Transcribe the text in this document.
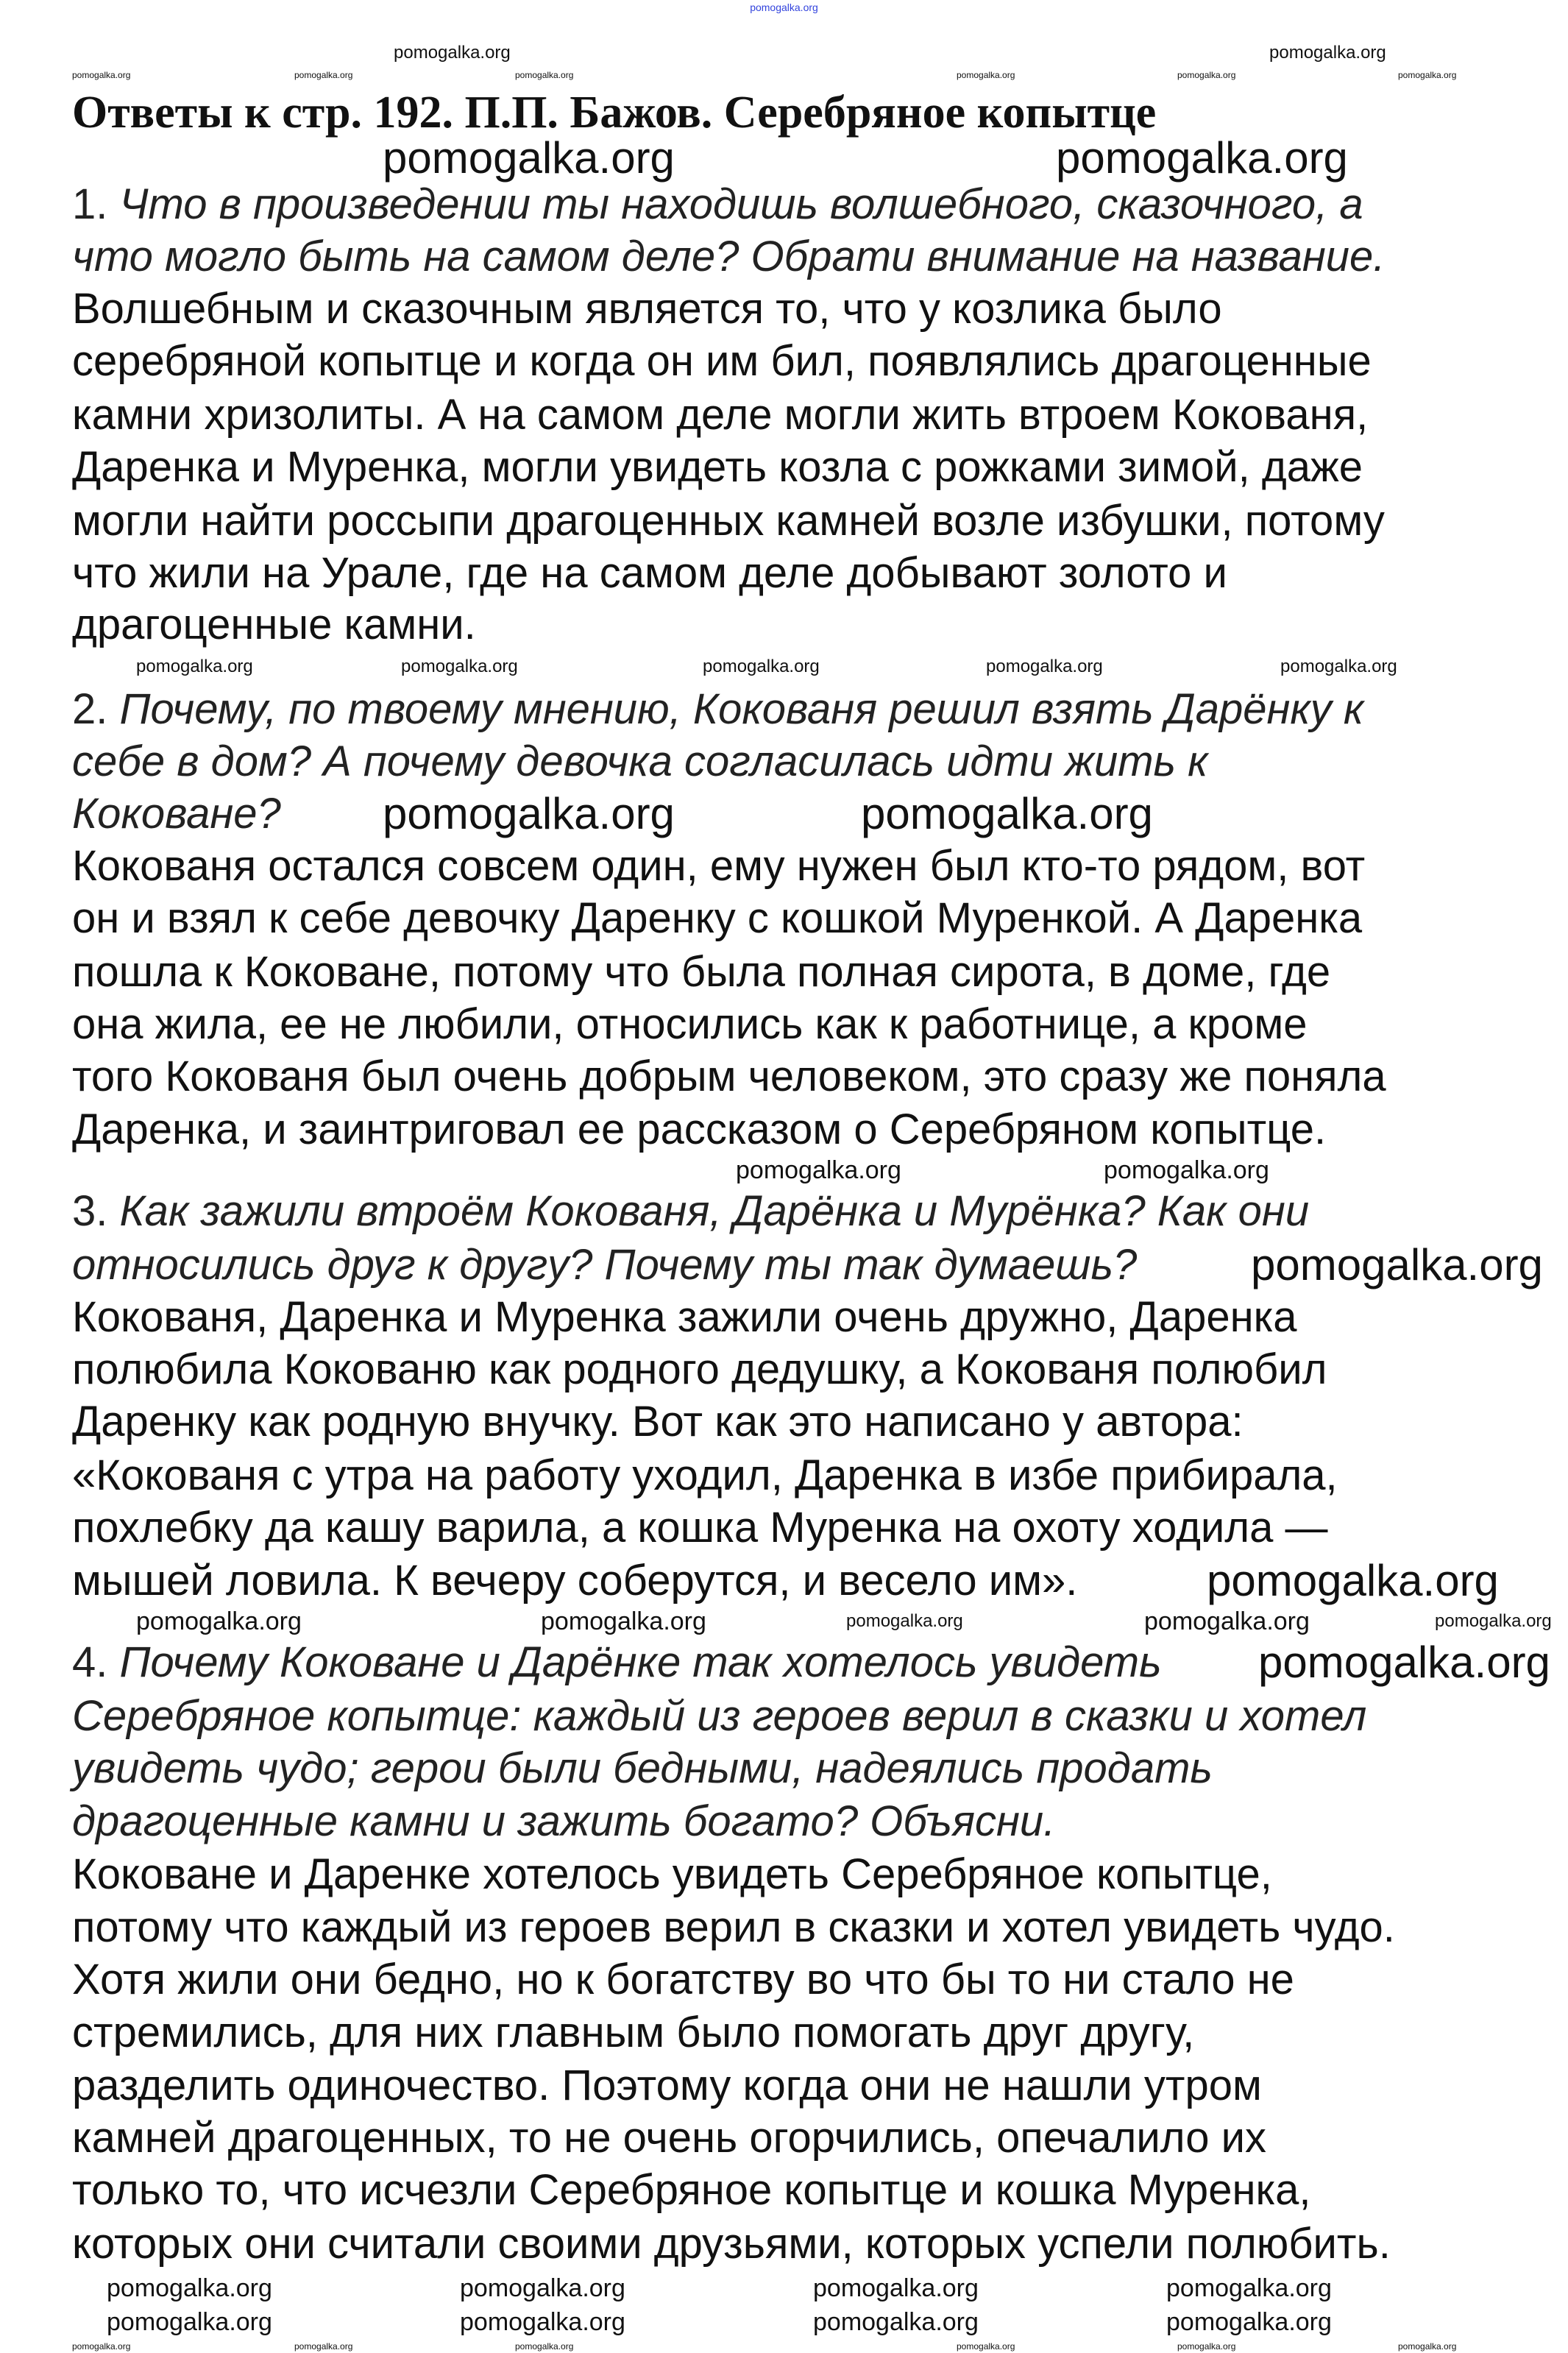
pomogalka.org
Ответы к стр. 192. П.П. Бажов. Серебряное копытце
1. Что в произведении ты находишь волшебного, сказочного, а
что могло быть на самом деле? Обрати внимание на название.
Волшебным и сказочным является то, что у козлика было
серебряной копытце и когда он им бил, появлялись драгоценные
камни хризолиты. А на самом деле могли жить втроем Кокованя,
Даренка и Муренка, могли увидеть козла с рожками зимой, даже
могли найти россыпи драгоценных камней возле избушки, потому
что жили на Урале, где на самом деле добывают золото и
драгоценные камни.
2. Почему, по твоему мнению, Кокованя решил взять Дарёнку к
себе в дом? А почему девочка согласилась идти жить к
Коковане?
Кокованя остался совсем один, ему нужен был кто-то рядом, вот
он и взял к себе девочку Даренку с кошкой Муренкой. А Даренка
пошла к Коковане, потому что была полная сирота, в доме, где
она жила, ее не любили, относились как к работнице, а кроме
того Кокованя был очень добрым человеком, это сразу же поняла
Даренка, и заинтриговал ее рассказом о Серебряном копытце.
3. Как зажили втроём Кокованя, Дарёнка и Мурёнка? Как они
относились друг к другу? Почему ты так думаешь?
Кокованя, Даренка и Муренка зажили очень дружно, Даренка
полюбила Кокованю как родного дедушку, а Кокованя полюбил
Даренку как родную внучку. Вот как это написано у автора:
«Кокованя с утра на работу уходил, Даренка в избе прибирала,
похлебку да кашу варила, а кошка Муренка на охоту ходила —
мышей ловила. К вечеру соберутся, и весело им».
4. Почему Коковане и Дарёнке так хотелось увидеть
Серебряное копытце: каждый из героев верил в сказки и хотел
увидеть чудо; герои были бедными, надеялись продать
драгоценные камни и зажить богато? Объясни.
Коковане и Даренке хотелось увидеть Серебряное копытце,
потому что каждый из героев верил в сказки и хотел увидеть чудо.
Хотя жили они бедно, но к богатству во что бы то ни стало не
стремились, для них главным было помогать друг другу,
разделить одиночество. Поэтому когда они не нашли утром
камней драгоценных, то не очень огорчились, опечалило их
только то, что исчезли Серебряное копытце и кошка Муренка,
которых они считали своими друзьями, которых успели полюбить.
pomogalka.org	pomogalka.org
pomogalka.org	pomogalka.org
pomogalka.org
pomogalka.org
pomogalka.org
pomogalka.org	pomogalka.org
pomogalka.org	pomogalka.org	pomogalka.org
pomogalka.org	pomogalka.org	pomogalka.org	pomogalka.org
pomogalka.org	pomogalka.org	pomogalka.org	pomogalka.org
pomogalka.org	pomogalka.org	pomogalka.org	pomogalka.org	pomogalka.org
pomogalka.org	pomogalka.org
pomogalka.org	pomogalka.org
pomogalka.org	pomogalka.org	pomogalka.org	pomogalka.org	pomogalka.org	pomogalka.org
pomogalka.org	pomogalka.org	pomogalka.org	pomogalka.org	pomogalka.org	pomogalka.org
